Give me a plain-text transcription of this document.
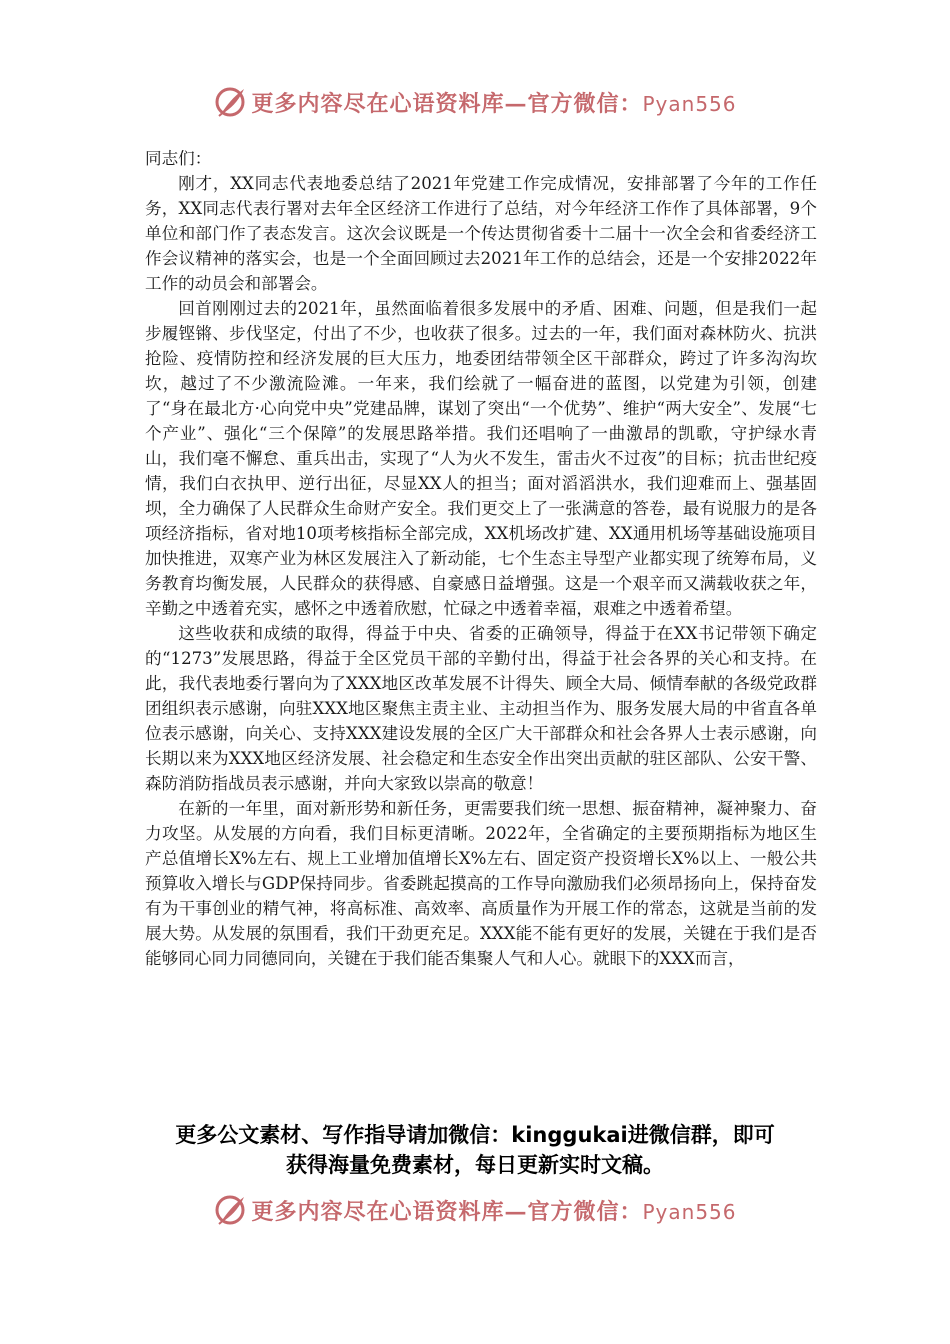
更多内容尽在心语资料库—官方微信：Pyan556

同志们：

刚才，XX同志代表地委总结了2021年党建工作完成情况，安排部署了今年的工作任务，XX同志代表行署对去年全区经济工作进行了总结，对今年经济工作作了具体部署，9个单位和部门作了表态发言。这次会议既是一个传达贯彻省委十二届十一次全会和省委经济工作会议精神的落实会，也是一个全面回顾过去2021年工作的总结会，还是一个安排2022年工作的动员会和部署会。

回首刚刚过去的2021年，虽然面临着很多发展中的矛盾、困难、问题，但是我们一起步履铿锵、步伐坚定，付出了不少，也收获了很多。过去的一年，我们面对森林防火、抗洪抢险、疫情防控和经济发展的巨大压力，地委团结带领全区干部群众，跨过了许多沟沟坎坎，越过了不少激流险滩。一年来，我们绘就了一幅奋进的蓝图，以党建为引领，创建了“身在最北方·心向党中央”党建品牌，谋划了突出“一个优势”、维护“两大安全”、发展“七个产业”、强化“三个保障”的发展思路举措。我们还唱响了一曲激昂的凯歌，守护绿水青山，我们毫不懈怠、重兵出击，实现了“人为火不发生，雷击火不过夜”的目标；抗击世纪疫情，我们白衣执甲、逆行出征，尽显XX人的担当；面对滔滔洪水，我们迎难而上、强基固坝，全力确保了人民群众生命财产安全。我们更交上了一张满意的答卷，最有说服力的是各项经济指标，省对地10项考核指标全部完成，XX机场改扩建、XX通用机场等基础设施项目加快推进，双寒产业为林区发展注入了新动能，七个生态主导型产业都实现了统筹布局，义务教育均衡发展，人民群众的获得感、自豪感日益增强。这是一个艰辛而又满载收获之年，辛勤之中透着充实，感怀之中透着欣慰，忙碌之中透着幸福，艰难之中透着希望。

这些收获和成绩的取得，得益于中央、省委的正确领导，得益于在XX书记带领下确定的“1273”发展思路，得益于全区党员干部的辛勤付出，得益于社会各界的关心和支持。在此，我代表地委行署向为了XXX地区改革发展不计得失、顾全大局、倾情奉献的各级党政群团组织表示感谢，向驻XXX地区聚焦主责主业、主动担当作为、服务发展大局的中省直各单位表示感谢，向关心、支持XXX建设发展的全区广大干部群众和社会各界人士表示感谢，向长期以来为XXX地区经济发展、社会稳定和生态安全作出突出贡献的驻区部队、公安干警、森防消防指战员表示感谢，并向大家致以崇高的敬意！

在新的一年里，面对新形势和新任务，更需要我们统一思想、振奋精神，凝神聚力、奋力攻坚。从发展的方向看，我们目标更清晰。2022年，全省确定的主要预期指标为地区生产总值增长X%左右、规上工业增加值增长X%左右、固定资产投资增长X%以上、一般公共预算收入增长与GDP保持同步。省委跳起摸高的工作导向激励我们必须昂扬向上，保持奋发有为干事创业的精气神，将高标准、高效率、高质量作为开展工作的常态，这就是当前的发展大势。从发展的氛围看，我们干劲更充足。XXX能不能有更好的发展，关键在于我们是否能够同心同力同德同向，关键在于我们能否集聚人气和人心。就眼下的XXX而言，

更多公文素材、写作指导请加微信：kinggukai进微信群，即可
获得海量免费素材，每日更新实时文稿。
更多内容尽在心语资料库—官方微信：Pyan556
